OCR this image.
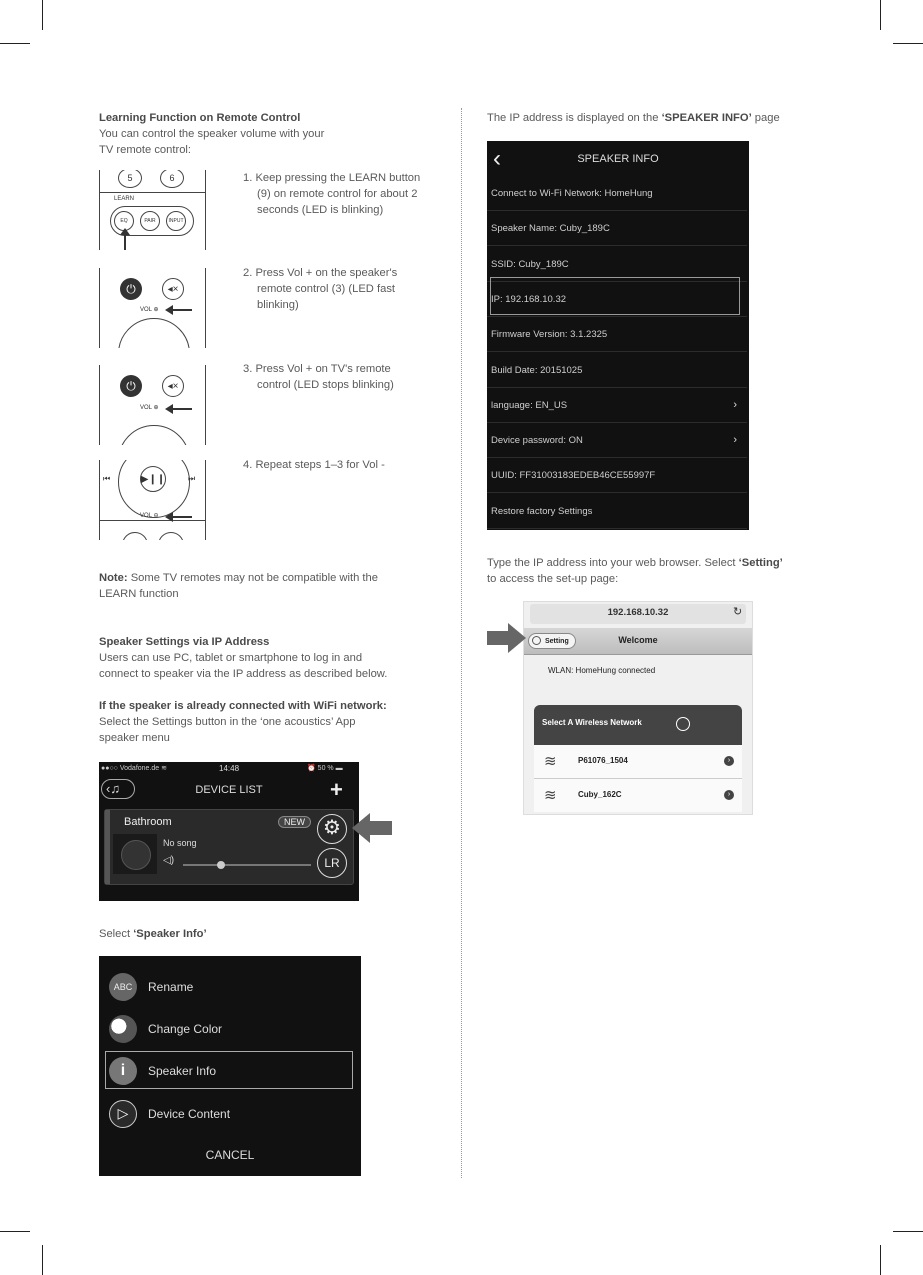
Learning Function on Remote Control
You can control the speaker volume with your
TV remote control:
1. Keep pressing the LEARN button
(9) on remote control for about 2
seconds (LED is blinking)
2. Press Vol + on the speaker's
remote control (3) (LED fast
blinking)
3. Press Vol + on TV's remote
control (LED stops blinking)
4. Repeat steps 1–3 for Vol -
5	6
LEARN
EQ	PAIR	INPUT
⏻	◂×
VOL ⊕
⏻	◂×
VOL ⊕
▶❙❙
⏮	⏭
VOL ⊖
Note: Some TV remotes may not be compatible with the
LEARN function
Speaker Settings via IP Address
Users can use PC, tablet or smartphone to log in and
connect to speaker via the IP address as described below.
If the speaker is already connected with WiFi network:
Select the Settings button in the ‘one acoustics’ App
speaker menu
●●○○ Vodafone.de ≋	14:48	⏰ 50 % ▬
‹♫	DEVICE LIST	+
Bathroom	NEW
No song
◁)
⚙
LR
Select ‘Speaker Info’
ABC	Rename
Change Color
i	Speaker Info
▷	Device Content
CANCEL
The IP address is displayed on the ‘SPEAKER INFO’ page
‹	SPEAKER INFO
Connect to Wi-Fi Network: HomeHung
Speaker Name: Cuby_189C
SSID: Cuby_189C
IP: 192.168.10.32
Firmware Version: 3.1.2325
Build Date: 20151025
language: EN_US	›
Device password: ON	›
UUID: FF31003183EDEB46CE55997F
Restore factory Settings
Type the IP address into your web browser. Select ‘Setting’
to access the set-up page:
192.168.10.32	↻
Setting	Welcome
WLAN: HomeHung connected
Select A Wireless Network
≋	P61076_1504	›
≋	Cuby_162C	›
